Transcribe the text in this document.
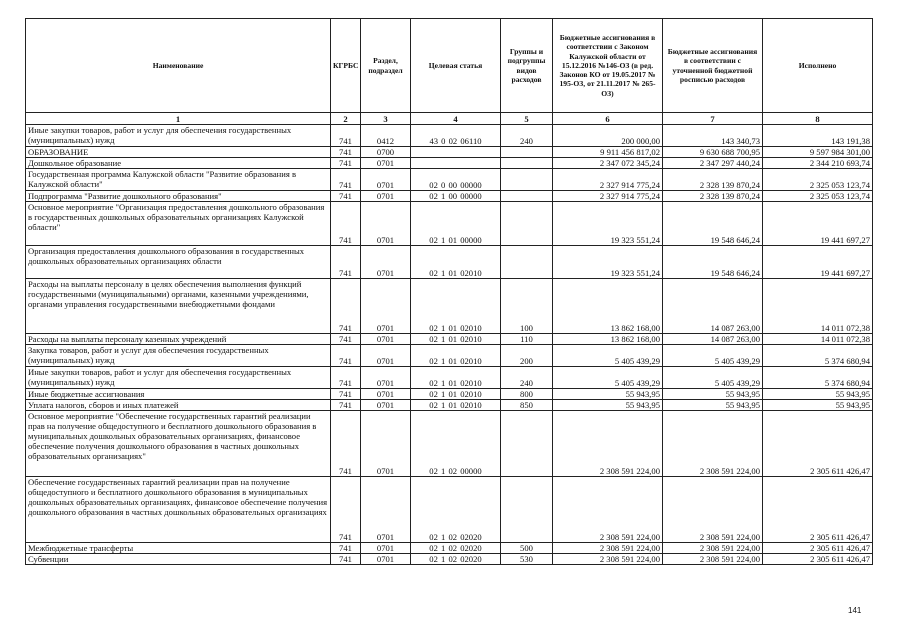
Наименование	КГРБС	Раздел, подраздел	Целевая статья	Группы и подгруппы видов расходов	Бюджетные ассигнования в соответствии с Законом Калужской области от 15.12.2016 №146-ОЗ (в ред. Законов КО от 19.05.2017 № 195-ОЗ, от 21.11.2017 № 265-ОЗ)	Бюджетные ассигнования в соответствии с уточненной бюджетной росписью расходов	Исполнено
1	2	3	4	5	6	7	8
Иные закупки товаров, работ и услуг для обеспечения государственных (муниципальных) нужд	741	0412	43 0 02 06110	240	200 000,00	143 340,73	143 191,38
ОБРАЗОВАНИЕ	741	0700			9 911 456 817,02	9 630 688 700,95	9 597 984 301,00
Дошкольное образование	741	0701			2 347 072 345,24	2 347 297 440,24	2 344 210 693,74
Государственная программа Калужской области "Развитие образования в Калужской области"	741	0701	02 0 00 00000		2 327 914 775,24	2 328 139 870,24	2 325 053 123,74
Подпрограмма "Развитие дошкольного образования"	741	0701	02 1 00 00000		2 327 914 775,24	2 328 139 870,24	2 325 053 123,74
Основное мероприятие "Организация предоставления дошкольного образования в государственных дошкольных образовательных организациях Калужской области"	741	0701	02 1 01 00000		19 323 551,24	19 548 646,24	19 441 697,27
Организация предоставления дошкольного образования в государственных дошкольных образовательных организациях области	741	0701	02 1 01 02010		19 323 551,24	19 548 646,24	19 441 697,27
Расходы на выплаты персоналу в целях обеспечения выполнения функций государственными (муниципальными) органами, казенными учреждениями, органами управления государственными внебюджетными фондами	741	0701	02 1 01 02010	100	13 862 168,00	14 087 263,00	14 011 072,38
Расходы на выплаты персоналу казенных учреждений	741	0701	02 1 01 02010	110	13 862 168,00	14 087 263,00	14 011 072,38
Закупка товаров, работ и услуг для обеспечения государственных (муниципальных) нужд	741	0701	02 1 01 02010	200	5 405 439,29	5 405 439,29	5 374 680,94
Иные закупки товаров, работ и услуг для обеспечения государственных (муниципальных) нужд	741	0701	02 1 01 02010	240	5 405 439,29	5 405 439,29	5 374 680,94
Иные бюджетные ассигнования	741	0701	02 1 01 02010	800	55 943,95	55 943,95	55 943,95
Уплата налогов, сборов и иных платежей	741	0701	02 1 01 02010	850	55 943,95	55 943,95	55 943,95
Основное мероприятие "Обеспечение государственных гарантий реализации прав на получение общедоступного и бесплатного дошкольного образования в муниципальных дошкольных образовательных организациях, финансовое обеспечение получения дошкольного образования в частных дошкольных образовательных организациях"	741	0701	02 1 02 00000		2 308 591 224,00	2 308 591 224,00	2 305 611 426,47
Обеспечение государственных гарантий реализации прав на получение общедоступного и бесплатного дошкольного образования в муниципальных дошкольных образовательных организациях, финансовое обеспечение получения дошкольного образования в частных дошкольных образовательных организациях	741	0701	02 1 02 02020		2 308 591 224,00	2 308 591 224,00	2 305 611 426,47
Межбюджетные трансферты	741	0701	02 1 02 02020	500	2 308 591 224,00	2 308 591 224,00	2 305 611 426,47
Субвенции	741	0701	02 1 02 02020	530	2 308 591 224,00	2 308 591 224,00	2 305 611 426,47
141
